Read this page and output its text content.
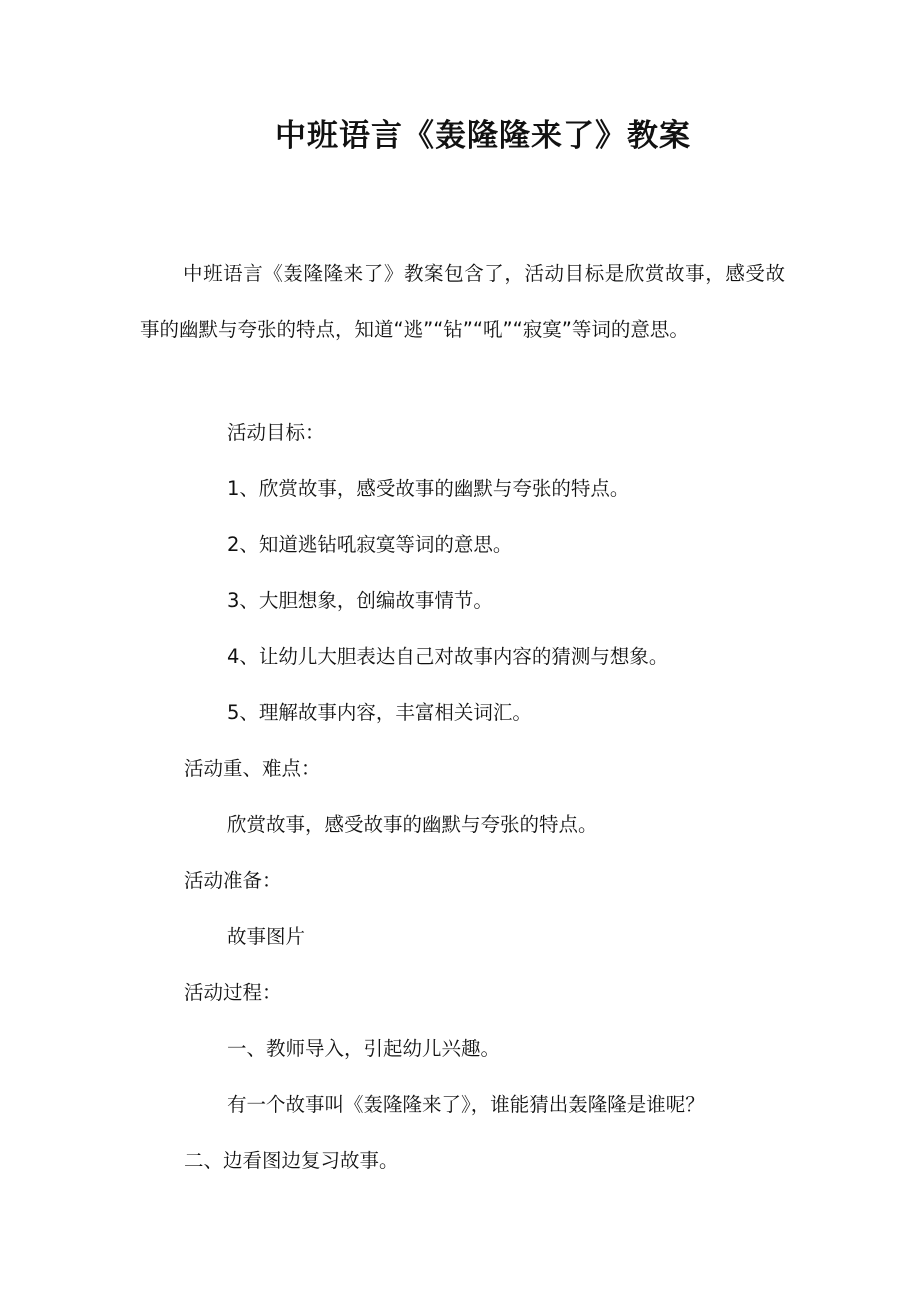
中班语言《轰隆隆来了》教案
中班语言《轰隆隆来了》教案包含了，活动目标是欣赏故事，感受故事的幽默与夸张的特点，知道“逃”“钻”“吼”“寂寞”等词的意思。
活动目标：
1、欣赏故事，感受故事的幽默与夸张的特点。
2、知道逃钻吼寂寞等词的意思。
3、大胆想象，创编故事情节。
4、让幼儿大胆表达自己对故事内容的猜测与想象。
5、理解故事内容，丰富相关词汇。
活动重、难点：
欣赏故事，感受故事的幽默与夸张的特点。
活动准备：
故事图片
活动过程：
一、教师导入，引起幼儿兴趣。
有一个故事叫《轰隆隆来了》，谁能猜出轰隆隆是谁呢？
二、边看图边复习故事。
